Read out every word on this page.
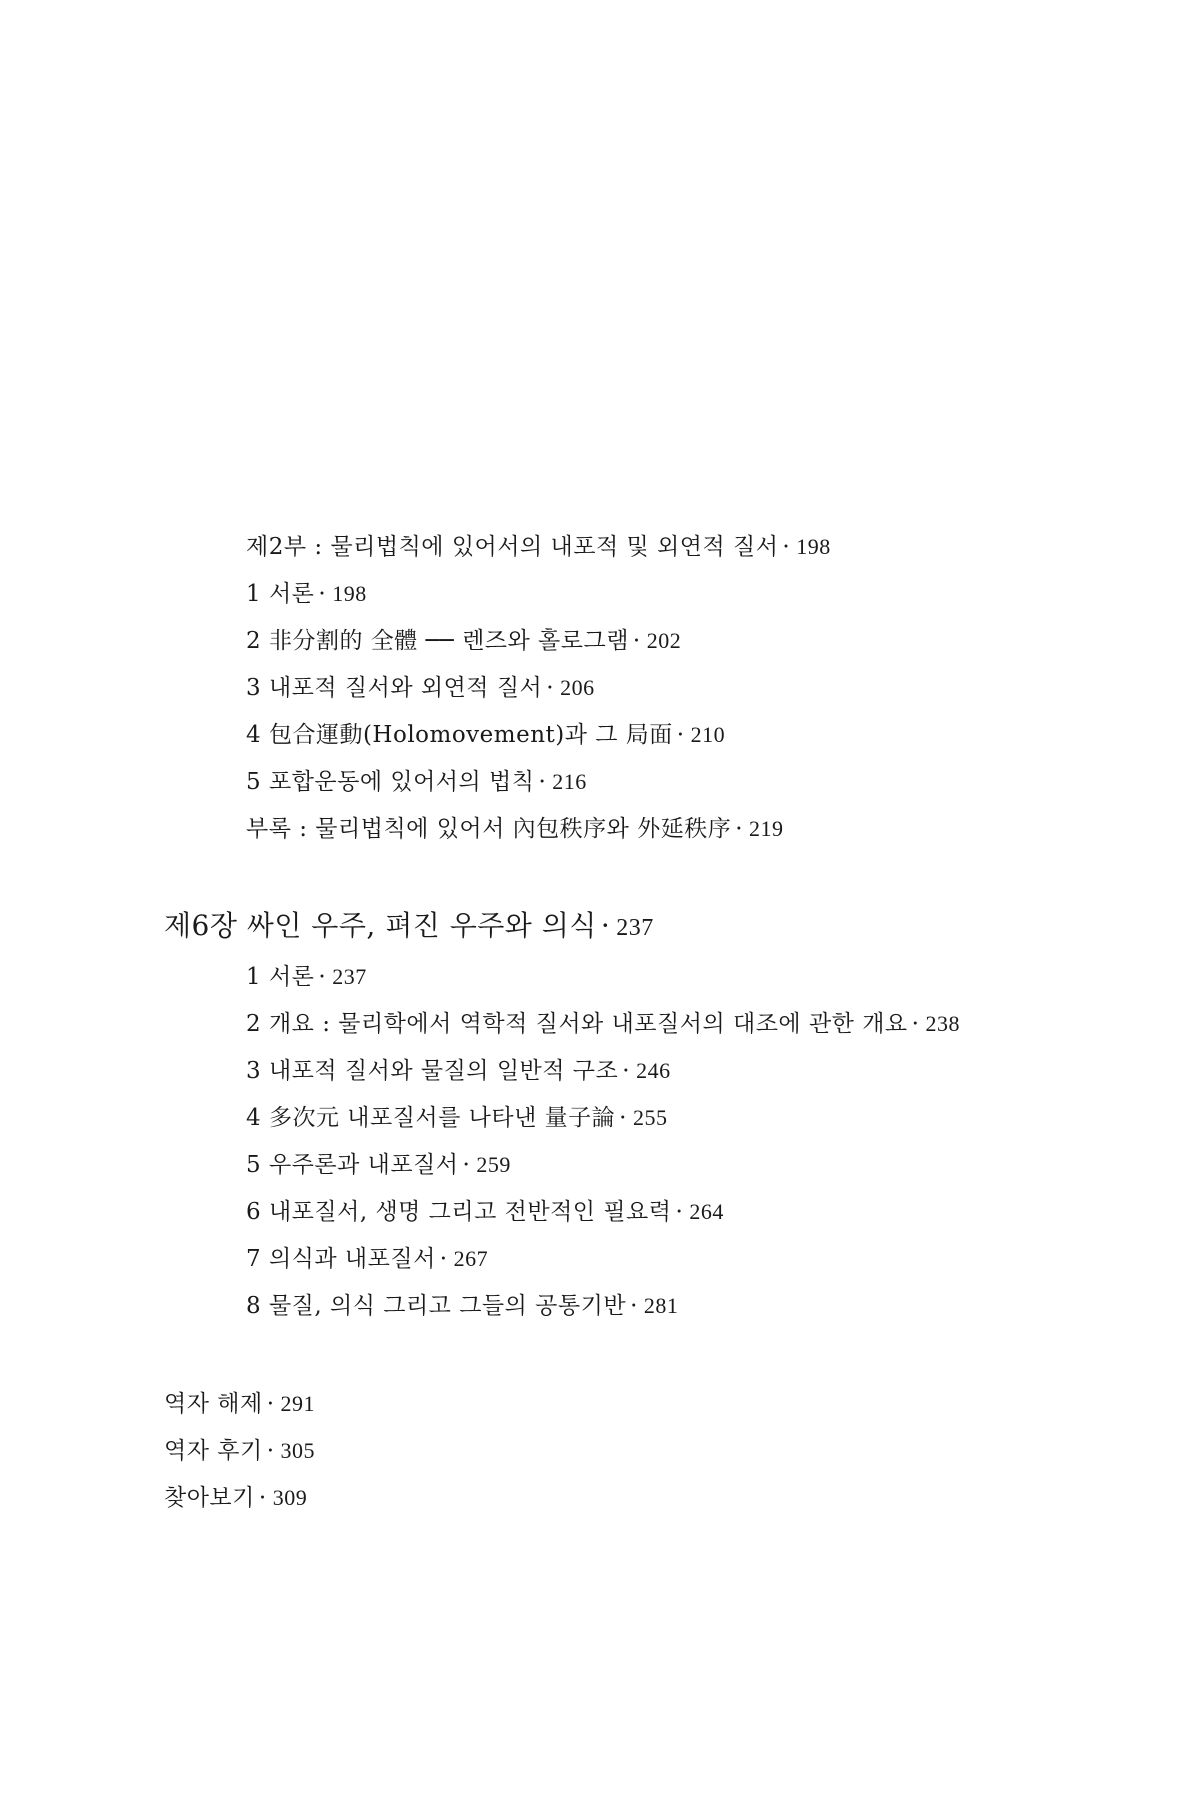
제2부 : 물리법칙에 있어서의 내포적 및 외연적 질서 · 198
1 서론 · 198
2 非分割的 全體 ── 렌즈와 홀로그램 · 202
3 내포적 질서와 외연적 질서 · 206
4 包合運動(Holomovement)과 그 局面 · 210
5 포합운동에 있어서의 법칙 · 216
부록 : 물리법칙에 있어서 內包秩序와 外延秩序 · 219
제6장 싸인 우주, 펴진 우주와 의식 · 237
1 서론 · 237
2 개요 : 물리학에서 역학적 질서와 내포질서의 대조에 관한 개요 · 238
3 내포적 질서와 물질의 일반적 구조 · 246
4 多次元 내포질서를 나타낸 量子論 · 255
5 우주론과 내포질서 · 259
6 내포질서, 생명 그리고 전반적인 필요력 · 264
7 의식과 내포질서 · 267
8 물질, 의식 그리고 그들의 공통기반 · 281
역자 해제 · 291
역자 후기 · 305
찾아보기 · 309
